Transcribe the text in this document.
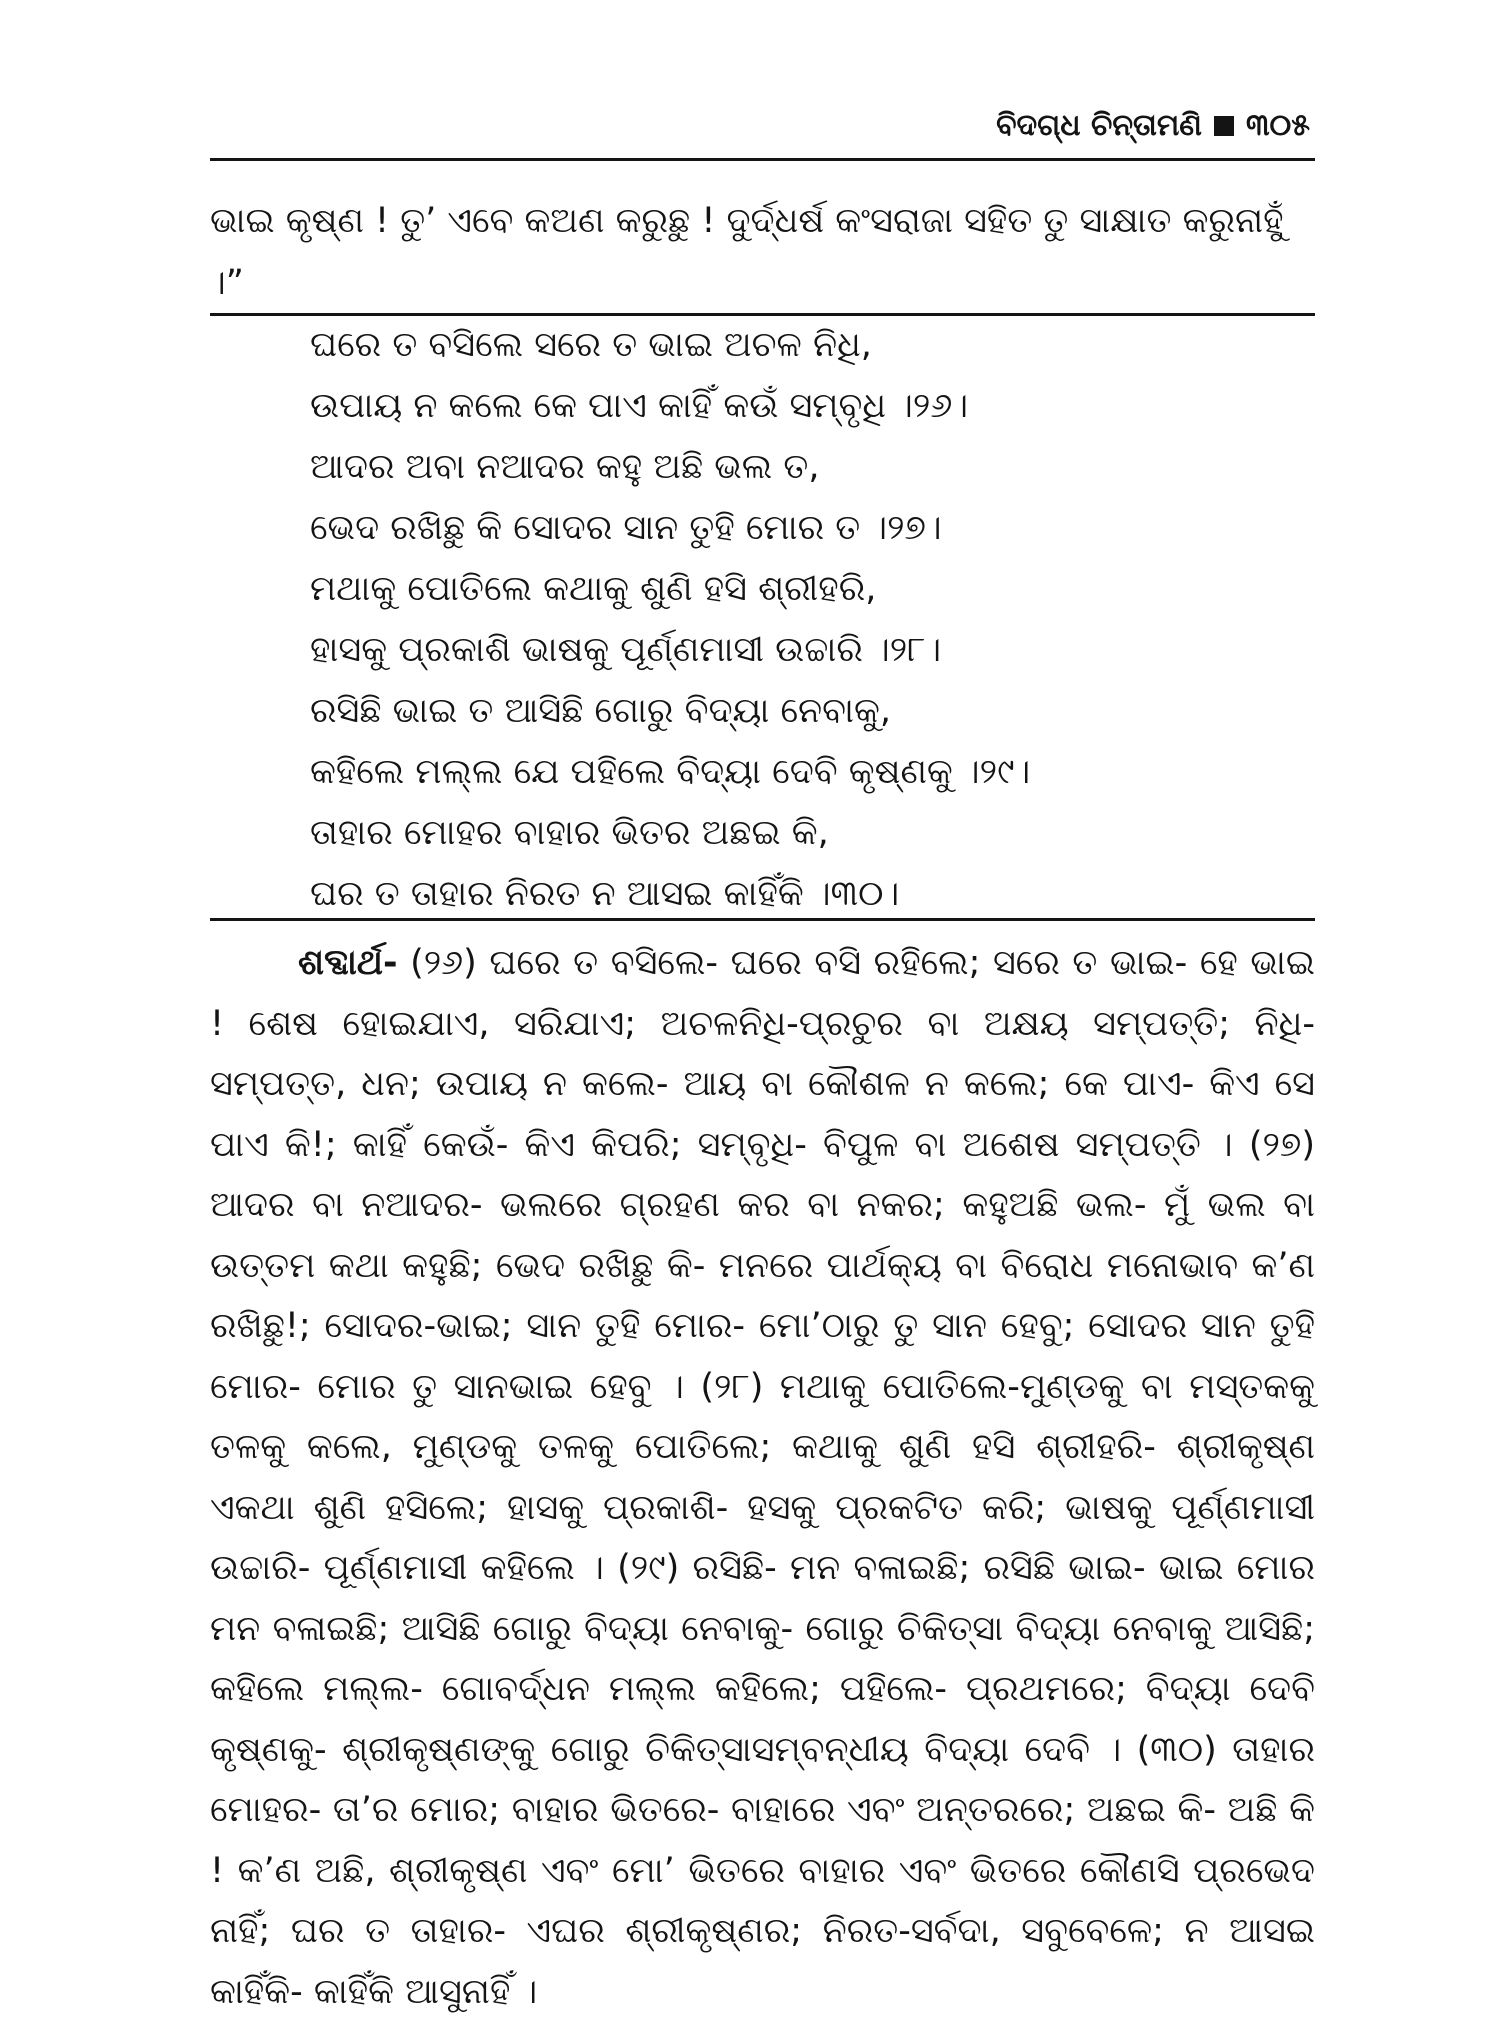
ବିଦଗ୍ଧ ଚିନ୍ତାମଣି ୩୦୫

ଭାଇ କୃଷ୍ଣ ! ତୁ’ ଏବେ କଅଣ କରୁଛୁ ! ଦୁର୍ଦ୍ଧର୍ଷ କଂସରାଜା ସହିତ ତୁ ସାକ୍ଷାତ କରୁନାହୁଁ ।”

ଘରେ ତ ବସିଲେ ସରେ ତ ଭାଇ ଅଚଳ ନିଧି,
ଉପାୟ ନ କଲେ କେ ପାଏ କାହିଁ କଉଁ ସମ୍ବୃଧି ।୨୬।
ଆଦର ଅବା ନଆଦର କହୁ ଅଛି ଭଲ ତ,
ଭେଦ ରଖିଛୁ କି ସୋଦର ସାନ ତୁହି ମୋର ତ ।୨୭।
ମଥାକୁ ପୋତିଲେ କଥାକୁ ଶୁଣି ହସି ଶ୍ରୀହରି,
ହାସକୁ ପ୍ରକାଶି ଭାଷକୁ ପୂର୍ଣ୍ଣମାସୀ ଉଚ୍ଚାରି ।୨୮।
ରସିଛି ଭାଇ ତ ଆସିଛି ଗୋରୁ ବିଦ୍ୟା ନେବାକୁ,
କହିଲେ ମଲ୍ଲ ଯେ ପହିଲେ ବିଦ୍ୟା ଦେବି କୃଷ୍ଣକୁ ।୨୯।
ତାହାର ମୋହର ବାହାର ଭିତର ଅଛଇ କି,
ଘର ତ ତାହାର ନିରତ ନ ଆସଇ କାହିଁକି ।୩୦।

ଶବ୍ଦାର୍ଥ- (୨୬) ଘରେ ତ ବସିଲେ- ଘରେ ବସି ରହିଲେ; ସରେ ତ ଭାଇ- ହେ ଭାଇ ! ଶେଷ ହୋଇଯାଏ, ସରିଯାଏ; ଅଚଳନିଧି-ପ୍ରଚୁର ବା ଅକ୍ଷୟ ସମ୍ପତ୍ତି; ନିଧି-ସମ୍ପତ୍ତ, ଧନ; ଉପାୟ ନ କଲେ- ଆୟ ବା କୌଶଳ ନ କଲେ; କେ ପାଏ- କିଏ ସେ ପାଏ କି!; କାହିଁ କେଉଁ- କିଏ କିପରି; ସମ୍ବୃଧି- ବିପୁଳ ବା ଅଶେଷ ସମ୍ପତ୍ତି । (୨୭) ଆଦର ବା ନଆଦର- ଭଲରେ ଗ୍ରହଣ କର ବା ନକର; କହୁଅଛି ଭଲ- ମୁଁ ଭଲ ବା ଉତ୍ତମ କଥା କହୁଛି; ଭେଦ ରଖିଛୁ କି- ମନରେ ପାର୍ଥକ୍ୟ ବା ବିରୋଧ ମନୋଭାବ କ’ଣ ରଖିଛୁ!; ସୋଦର-ଭାଇ; ସାନ ତୁହି ମୋର- ମୋ’ଠାରୁ ତୁ ସାନ ହେବୁ; ସୋଦର ସାନ ତୁହି ମୋର- ମୋର ତୁ ସାନଭାଇ ହେବୁ । (୨୮) ମଥାକୁ ପୋତିଲେ-ମୁଣ୍ଡକୁ ବା ମସ୍ତକକୁ ତଳକୁ କଲେ, ମୁଣ୍ଡକୁ ତଳକୁ ପୋତିଲେ; କଥାକୁ ଶୁଣି ହସି ଶ୍ରୀହରି- ଶ୍ରୀକୃଷ୍ଣ ଏକଥା ଶୁଣି ହସିଲେ; ହାସକୁ ପ୍ରକାଶି- ହସକୁ ପ୍ରକଟିତ କରି; ଭାଷକୁ ପୂର୍ଣ୍ଣମାସୀ ଉଚ୍ଚାରି- ପୂର୍ଣ୍ଣମାସୀ କହିଲେ । (୨୯) ରସିଛି- ମନ ବଳାଇଛି; ରସିଛି ଭାଇ- ଭାଇ ମୋର ମନ ବଳାଇଛି; ଆସିଛି ଗୋରୁ ବିଦ୍ୟା ନେବାକୁ- ଗୋରୁ ଚିକିତ୍ସା ବିଦ୍ୟା ନେବାକୁ ଆସିଛି; କହିଲେ ମଲ୍ଲ- ଗୋବର୍ଦ୍ଧନ ମଲ୍ଲ କହିଲେ; ପହିଲେ- ପ୍ରଥମରେ; ବିଦ୍ୟା ଦେବି କୃଷ୍ଣକୁ- ଶ୍ରୀକୃଷ୍ଣଙ୍କୁ ଗୋରୁ ଚିକିତ୍ସାସମ୍ବନ୍ଧୀୟ ବିଦ୍ୟା ଦେବି । (୩୦) ତାହାର ମୋହର- ତା’ର ମୋର; ବାହାର ଭିତରେ- ବାହାରେ ଏବଂ ଅନ୍ତରରେ; ଅଛଇ କି- ଅଛି କି ! କ’ଣ ଅଛି, ଶ୍ରୀକୃଷ୍ଣ ଏବଂ ମୋ’ ଭିତରେ ବାହାର ଏବଂ ଭିତରେ କୌଣସି ପ୍ରଭେଦ ନାହିଁ; ଘର ତ ତାହାର- ଏଘର ଶ୍ରୀକୃଷ୍ଣର; ନିରତ-ସର୍ବଦା, ସବୁବେଳେ; ନ ଆସଇ କାହିଁକି- କାହିଁକି ଆସୁନାହିଁ ।
